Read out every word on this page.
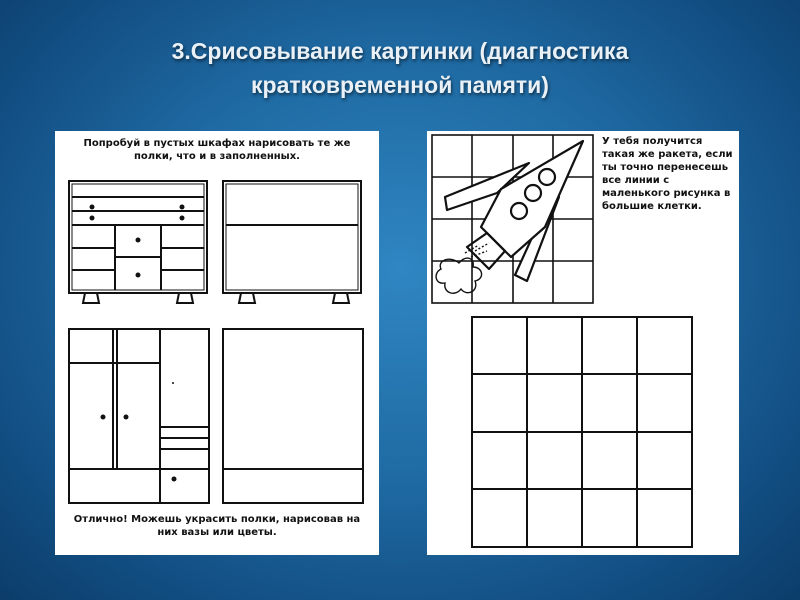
3.Срисовывание картинки (диагностика
кратковременной памяти)
Попробуй в пустых шкафах нарисовать те же полки, что и в заполненных.
Отлично! Можешь украсить полки, нарисовав на них вазы или цветы.
У тебя получится такая же ракета, если ты точно перенесешь все линии с маленького рисунка в большие клетки.
